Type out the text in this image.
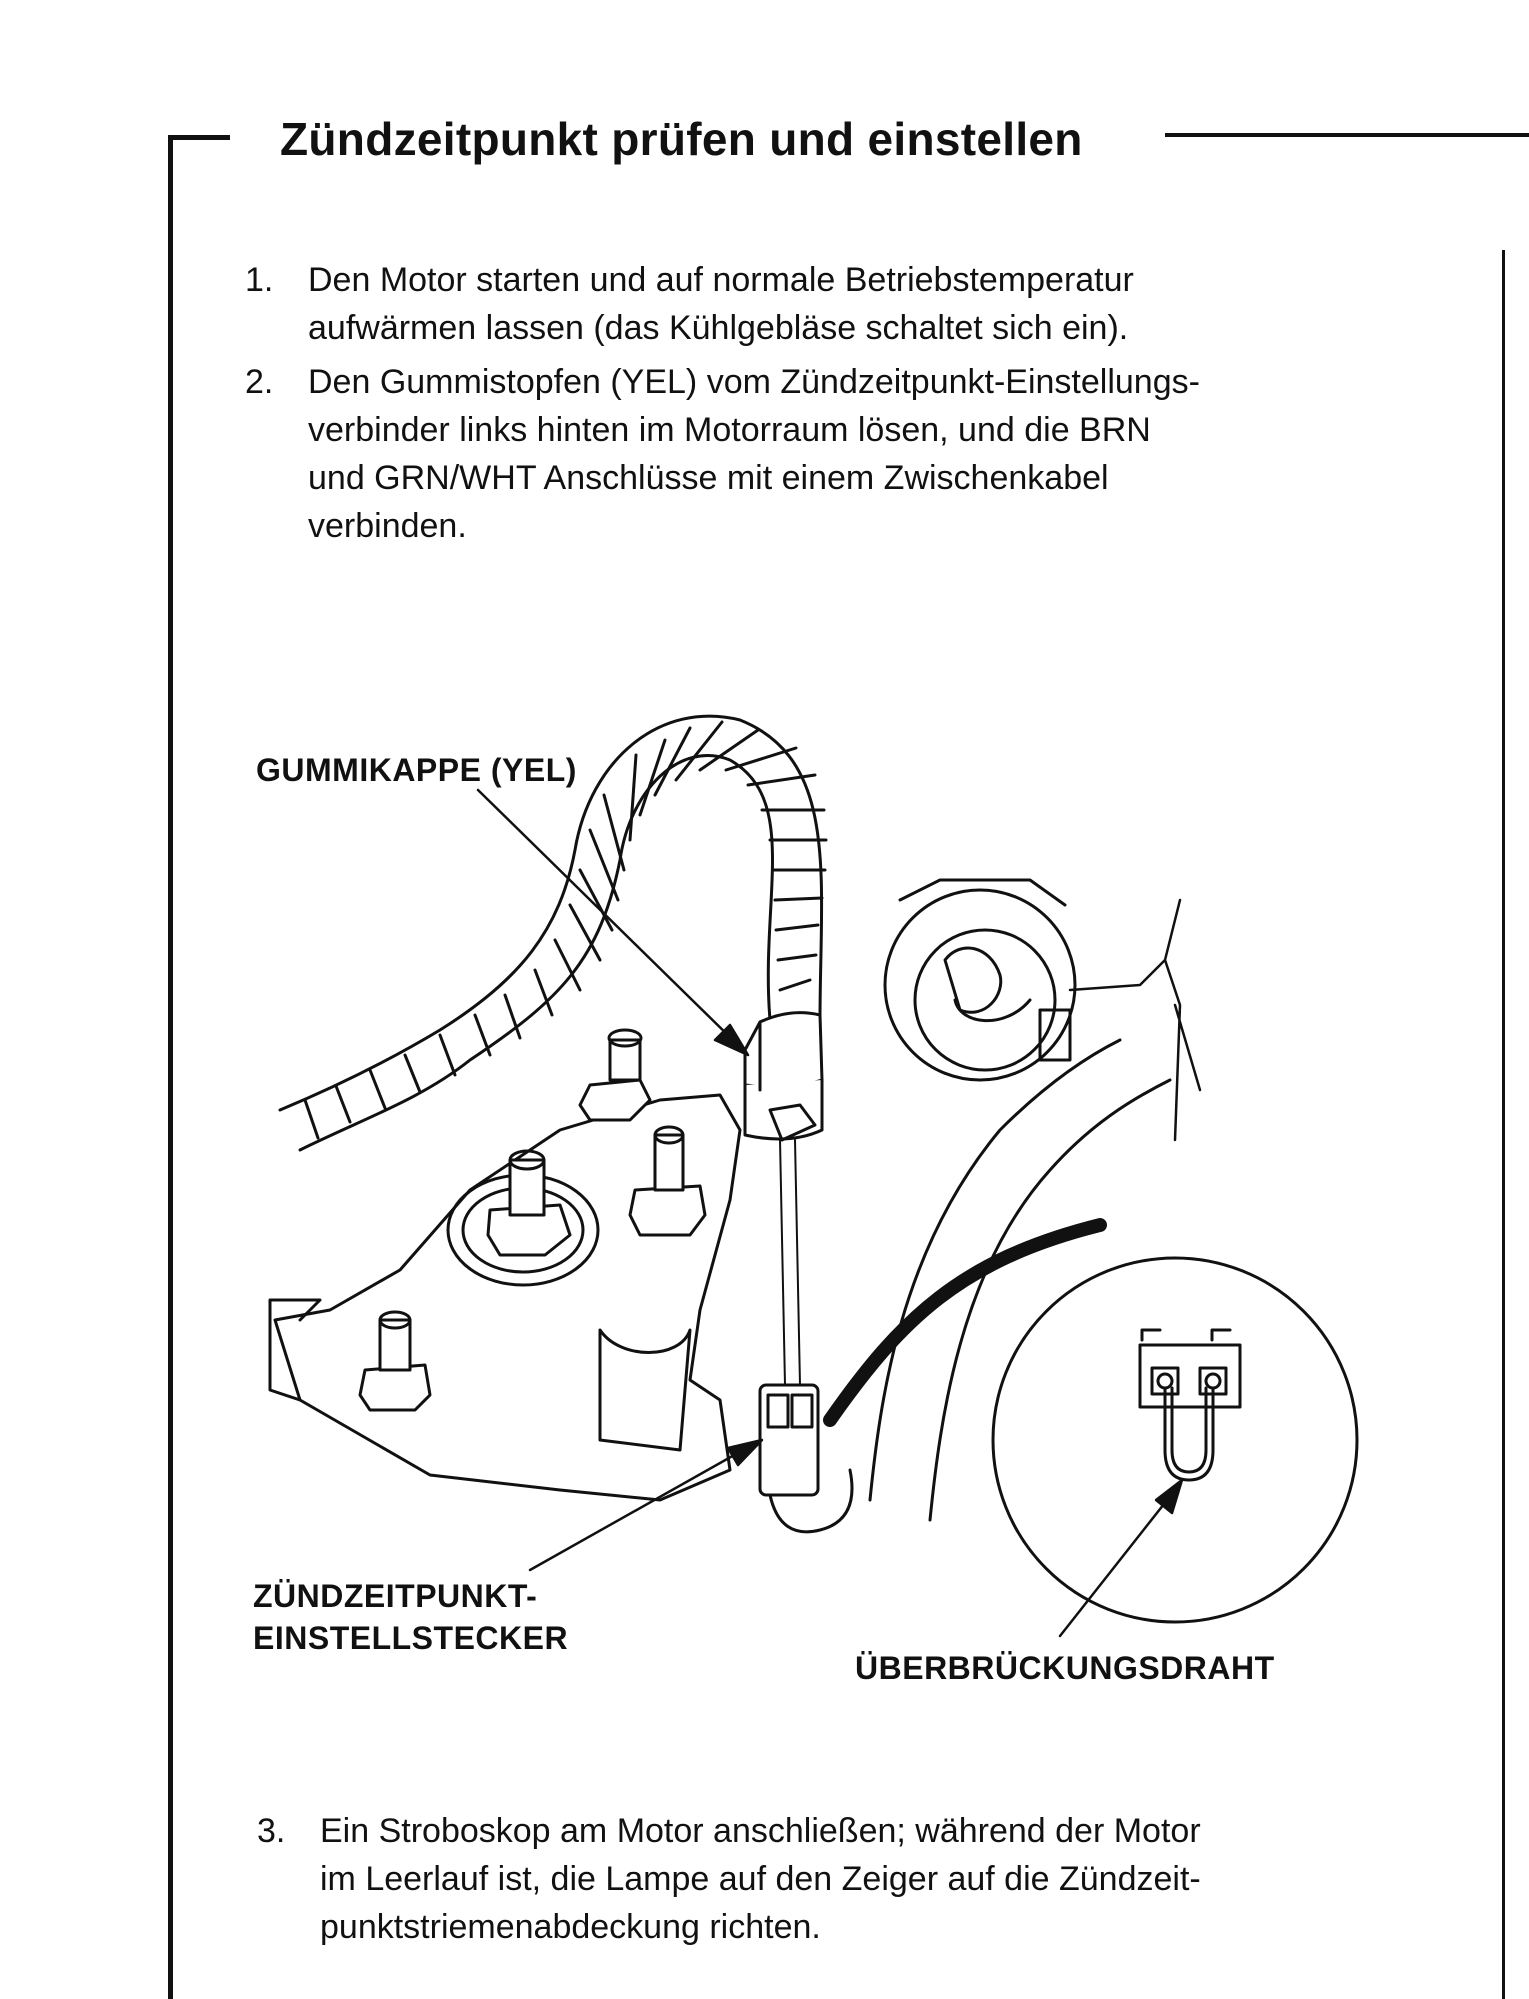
Zündzeitpunkt prüfen und einstellen
1. Den Motor starten und auf normale Betriebstemperatur
aufwärmen lassen (das Kühlgebläse schaltet sich ein).
2. Den Gummistopfen (YEL) vom Zündzeitpunkt-Einstellungs-
verbinder links hinten im Motorraum lösen, und die BRN
und GRN/WHT Anschlüsse mit einem Zwischenkabel
verbinden.
GUMMIKAPPE (YEL)
ZÜNDZEITPUNKT-
EINSTELLSTECKER
ÜBERBRÜCKUNGSDRAHT
3. Ein Stroboskop am Motor anschließen; während der Motor
im Leerlauf ist, die Lampe auf den Zeiger auf die Zündzeit-
punktstriemenabdeckung richten.
